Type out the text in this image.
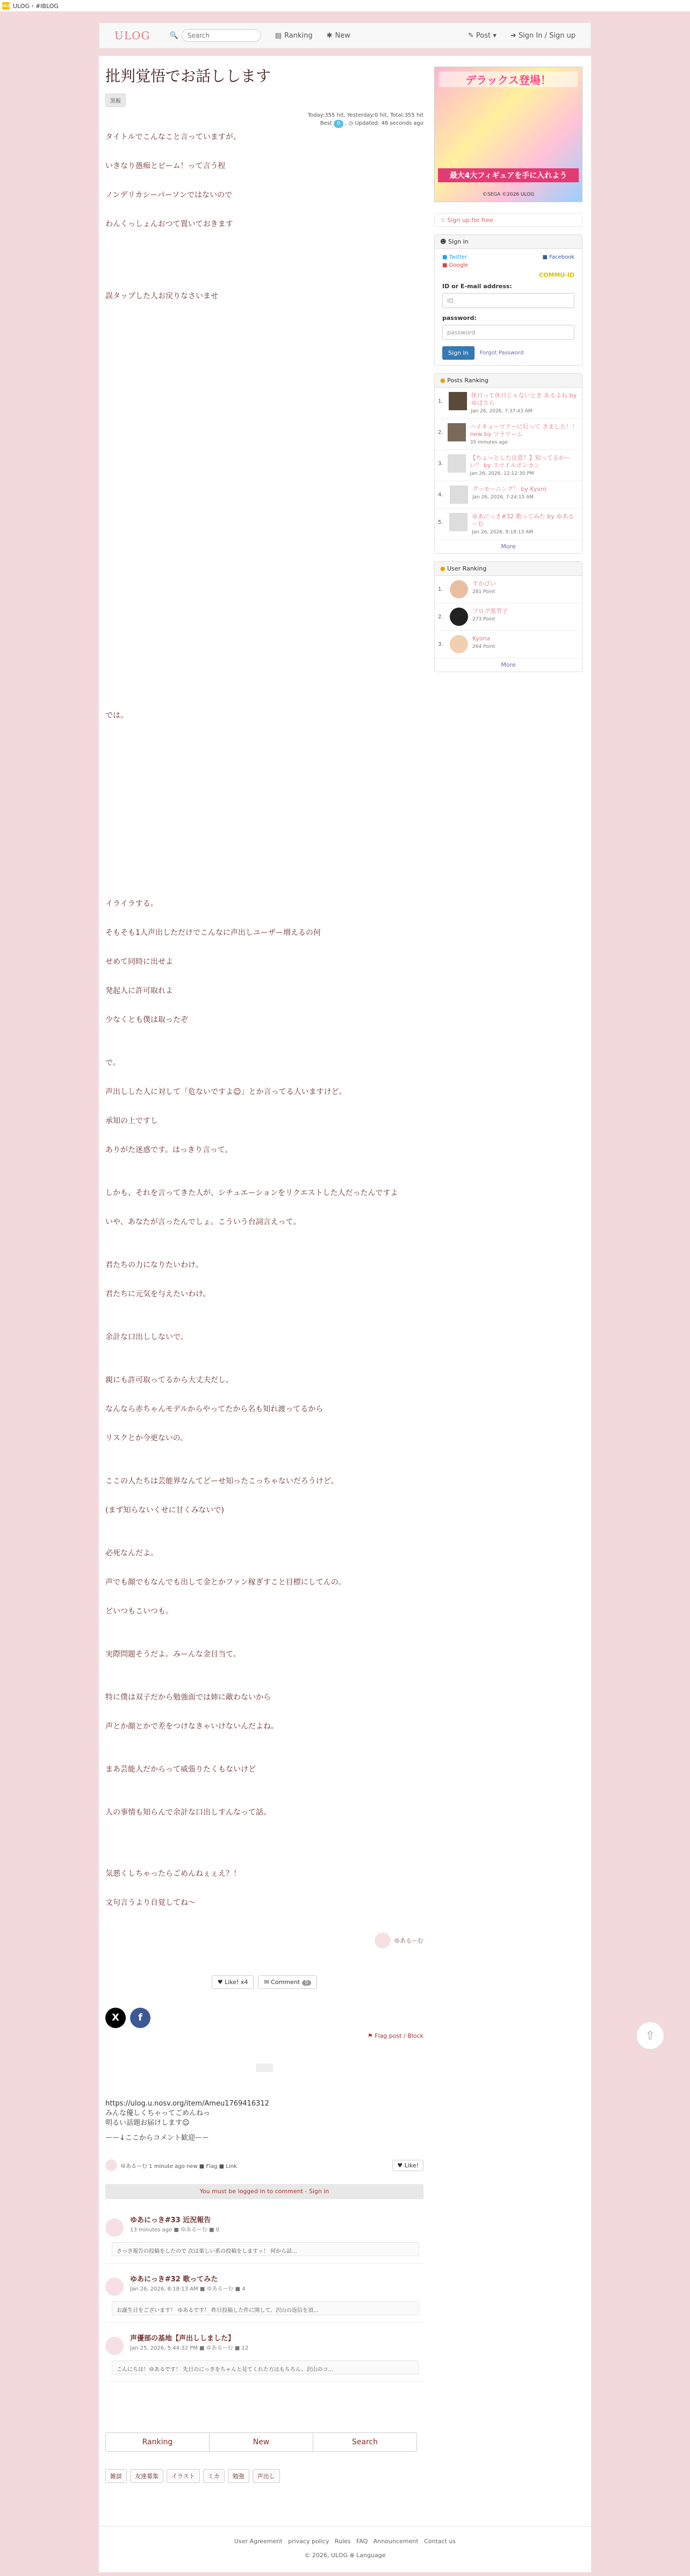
ULOG
ULOG・#IBLOG
ULOG	🔍
Search	▤ Ranking ✱ New	✎ Post ▾ ➜ Sign In / Sign up
批判覚悟でお話しします
黒板
Today:355 hit, Yesterday:0 hit, Total:355 hit
Best 0 , ◷ Updated: 48 seconds ago

タイトルでこんなこと言っていますが、

いきなり愚痴とピーム！って言う程

ノンデリカシーパーソンではないので

わんくっしょんおつて置いておきます

誤タップした人お戻りなさいませ

では。

イライラする。

そもそも1人声出しただけでこんなに声出しユーザー増えるの何

せめて同時に出せよ

発起人に許可取れよ

少なくとも僕は取ったぞ

で。

声出しした人に対して「危ないですよ☺」とか言ってる人いますけど。

承知の上ですし

ありがた迷惑です。はっきり言って。

しかも、それを言ってきた人が、シチュエーションをリクエストした人だったんですよ

いや、あなたが言ったんでしょ。こういう台詞言えって。

君たちの力になりたいわけ。

君たちに元気を与えたいわけ。

余計な口出ししないで。

親にも許可取ってるから大丈夫だし。

なんなら赤ちゃんモデルからやってたから名も知れ渡ってるから

リスクとか今更ないの。

ここの人たちは芸能界なんてどーせ知ったこっちゃないだろうけど。

(まず知らないくせに甘くみないで)

必死なんだよ。

声でも顔でもなんでも出して金とかファン稼ぎすこと目標にしてんの。

どいつもこいつも。

実際問題そうだよ。みーんな金目当て。

特に僕は双子だから勉強面では姉に敵わないから

声とか顔とかで差をつけなきゃいけないんだよね。

まあ芸能人だからって威張りたくもないけど

人の事情も知らんで余計な口出しすんなって話。

気悪くしちゃったらごめんねぇぇえ？！

文句言うより自覚してね～

ゆあるーむ
♥ Like! x4	✉ Comment 0
X	f
⚑ Flag post / Block
https://ulog.u.nosv.org/item/Ameu1769416312
みんな優しくちゃってごめんねっ
明るい話題お届けします☺
ーー↓ここからコメント歓迎ーー
ゆあるーむ 1 minute ago new ■ Flag ■ Link	♥ Like!
You must be logged in to comment - Sign in
ゆあにっき#33 近況報告
13 minutes ago ■ ゆあるーむ ■ 0
さっき報告の投稿をしたので 次は楽しい系の投稿をしますッ！ 何から話...
ゆあにっき#32 歌ってみた
Jan 26, 2026, 8:18:13 AM ■ ゆあるーむ ■ 4
お誕生日をございます！ ゆあるです！ 昨日投稿した件に関して、沢山の返信を頂...
声優部の基地【声出ししました】
Jan 25, 2026, 5:44:32 PM ■ ゆあるーむ ■ 12
こんにちは！ゆあるです！ 先日のにっきをちゃんと見てくれた方はもちろん、沢山のコ...
Ranking	New	Search
雑談	友達募集	イラスト	ミカ	勉強	声出し
デラックス登場！
最大4大フィギュアを手に入れよう
©SEGA ©2026 ULOG
☆ Sign up for free
☻ Sign in
■ Twitter	■ Facebook
■ Google
COMMU-ID
ID or E-mail address:
ID
password:
password
Sign In	Forgot Password
● Posts Ranking
1.
休日って休日じゃないとき あるよね by ゆぱりら
Jan 26, 2026, 7:37:43 AM
2.
ハイキューツアーに行って きました！！ new by ソラリーム
35 minutes ago
3.
【ちょっとした注意？】知ってるかーい？ by スマイルポンカン
Jan 26, 2026, 12:12:30 PM
4.
グッモーニング！ by Kyoro
Jan 26, 2026, 7:24:15 AM
5.
ゆあにっき#32 歌ってみた by ゆあるーむ
Jan 26, 2026, 8:18:13 AM
More
● User Ranking
1.
すかぴい
281 Point
2.
ブログ黒男子
273 Point
3.
Kyona
264 Point
More
User Agreement privacy policy Rules FAQ Announcement Contact us
© 2026, ULOG ⊕ Language
⇧
